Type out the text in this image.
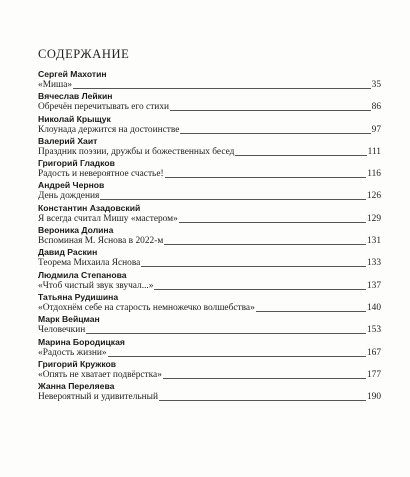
СОДЕРЖАНИЕ
Сергей Махотин
«Миша»	35
Вячеслав Лейкин
Обречён перечитывать его стихи	86
Николай Крыщук
Клоунада держится на достоинстве	97
Валерий Хаит
Праздник поэзии, дружбы и божественных бесед	111
Григорий Гладков
Радость и невероятное счастье!	116
Андрей Чернов
День дождения	126
Константин Азадовский
Я всегда считал Мишу «мастером»	129
Вероника Долина
Вспоминая М. Яснова в 2022-м	131
Давид Раскин
Теорема Михаила Яснова	133
Людмила Степанова
«Чтоб чистый звук звучал...»	137
Татьяна Рудишина
«Отдохнём себе на старость немножечко волшебства»	140
Марк Вейцман
Человечкин	153
Марина Бородицкая
«Радость жизни»	167
Григорий Кружков
«Опять не хватает подвёрстка»	177
Жанна Переляева
Невероятный и удивительный	190
